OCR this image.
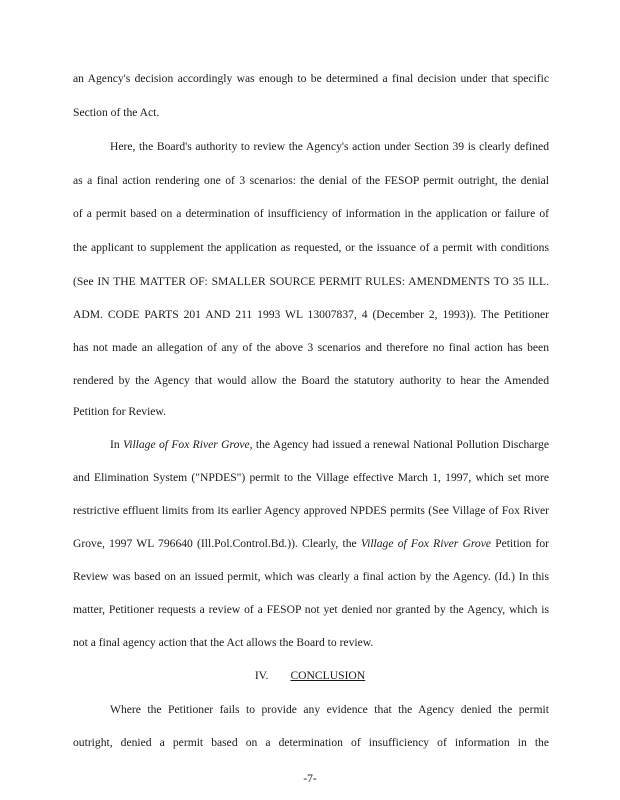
an Agency's decision accordingly was enough to be determined a final decision under that specific
Section of the Act.
Here, the Board's authority to review the Agency's action under Section 39 is clearly defined
as a final action rendering one of 3 scenarios: the denial of the FESOP permit outright, the denial
of a permit based on a determination of insufficiency of information in the application or failure of
the applicant to supplement the application as requested, or the issuance of a permit with conditions
(See IN THE MATTER OF: SMALLER SOURCE PERMIT RULES: AMENDMENTS TO 35 ILL.
ADM. CODE PARTS 201 AND 211 1993 WL 13007837, 4 (December 2, 1993)). The Petitioner
has not made an allegation of any of the above 3 scenarios and therefore no final action has been
rendered by the Agency that would allow the Board the statutory authority to hear the Amended
Petition for Review.
In Village of Fox River Grove, the Agency had issued a renewal National Pollution Discharge
and Elimination System ("NPDES") permit to the Village effective March 1, 1997, which set more
restrictive effluent limits from its earlier Agency approved NPDES permits (See Village of Fox River
Grove, 1997 WL 796640 (Ill.Pol.Control.Bd.)). Clearly, the Village of Fox River Grove Petition for
Review was based on an issued permit, which was clearly a final action by the Agency. (Id.) In this
matter, Petitioner requests a review of a FESOP not yet denied nor granted by the Agency, which is
not a final agency action that the Act allows the Board to review.
IV. CONCLUSION
Where the Petitioner fails to provide any evidence that the Agency denied the permit
outright, denied a permit based on a determination of insufficiency of information in the
-7-
